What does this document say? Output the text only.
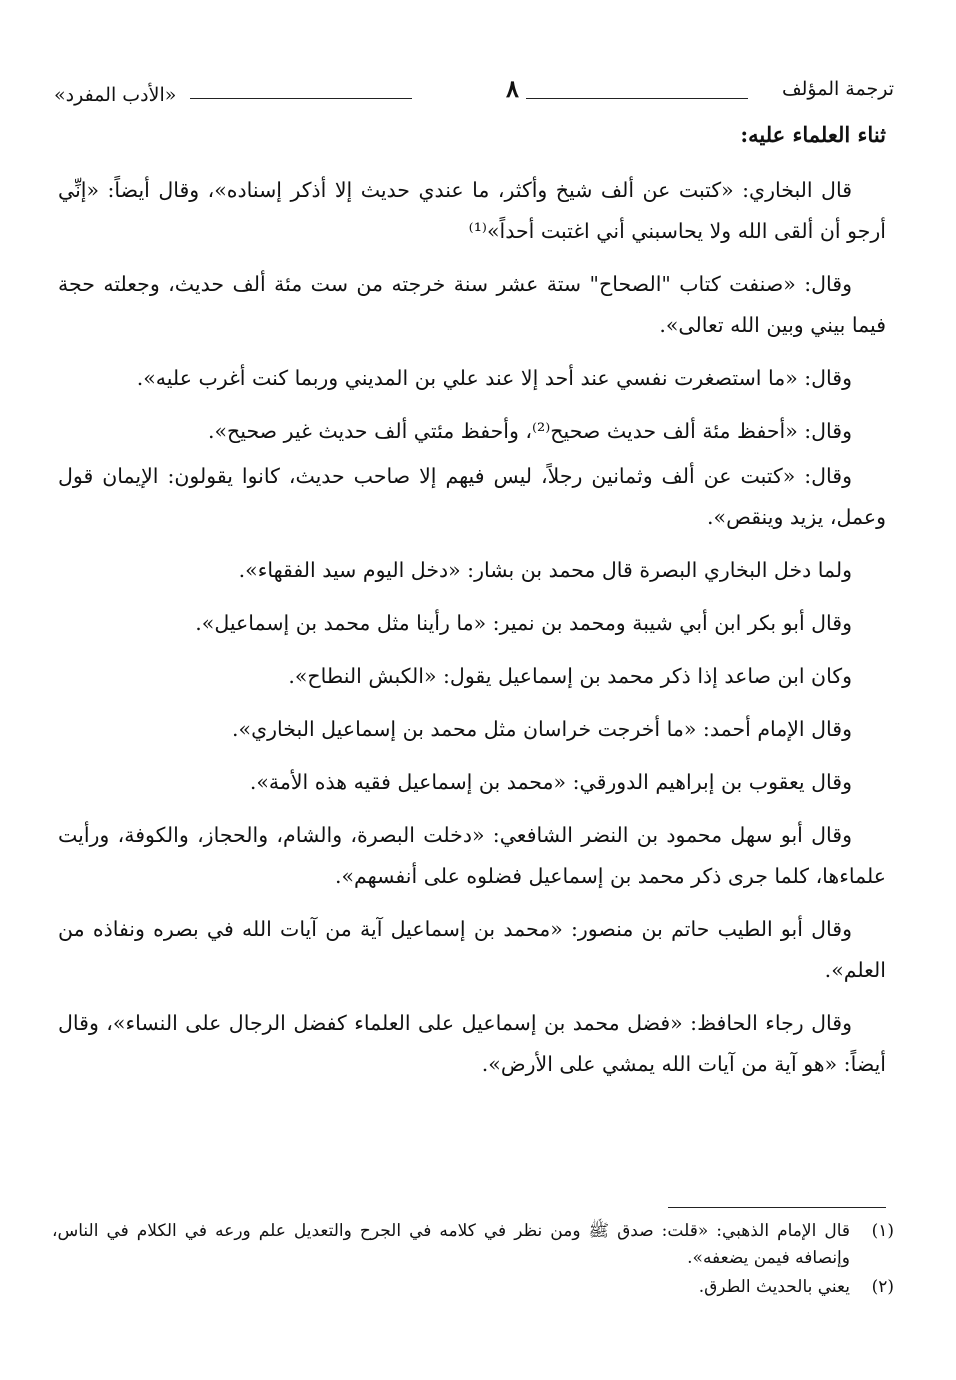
ترجمة المؤلف
٨
«الأدب المفرد»
ثناء العلماء عليه:

قال البخاري: «كتبت عن ألف شيخ وأكثر، ما عندي حديث إلا أذكر إسناده»، وقال أيضاً: «إنِّي أرجو أن ألقى الله ولا يحاسبني أني اغتبت أحداً»⁽¹⁾

وقال: «صنفت كتاب "الصحاح" ستة عشر سنة خرجته من ست مئة ألف حديث، وجعلته حجة فيما بيني وبين الله تعالى».

وقال: «ما استصغرت نفسي عند أحد إلا عند علي بن المديني وربما كنت أغرب عليه».

وقال: «أحفظ مئة ألف حديث صحيح⁽²⁾، وأحفظ مئتي ألف حديث غير صحيح».

وقال: «كتبت عن ألف وثمانين رجلاً، ليس فيهم إلا صاحب حديث، كانوا يقولون: الإيمان قول وعمل، يزيد وينقص».

ولما دخل البخاري البصرة قال محمد بن بشار: «دخل اليوم سيد الفقهاء».

وقال أبو بكر ابن أبي شيبة ومحمد بن نمير: «ما رأينا مثل محمد بن إسماعيل».

وكان ابن صاعد إذا ذكر محمد بن إسماعيل يقول: «الكبش النطاح».

وقال الإمام أحمد: «ما أخرجت خراسان مثل محمد بن إسماعيل البخاري».

وقال يعقوب بن إبراهيم الدورقي: «محمد بن إسماعيل فقيه هذه الأمة».

وقال أبو سهل محمود بن النضر الشافعي: «دخلت البصرة، والشام، والحجاز، والكوفة، ورأيت علماءها، كلما جرى ذكر محمد بن إسماعيل فضلوه على أنفسهم».

وقال أبو الطيب حاتم بن منصور: «محمد بن إسماعيل آية من آيات الله في بصره ونفاذه من العلم».

وقال رجاء الحافظ: «فضل محمد بن إسماعيل على العلماء كفضل الرجال على النساء»، وقال أيضاً: «هو آية من آيات الله يمشي على الأرض».

(١)
قال الإمام الذهبي: «قلت: صدق ﷺ ومن نظر في كلامه في الجرح والتعديل علم ورعه في الكلام في الناس، وإنصافه فيمن يضعفه».
(٢)
يعني بالحديث الطرق.
